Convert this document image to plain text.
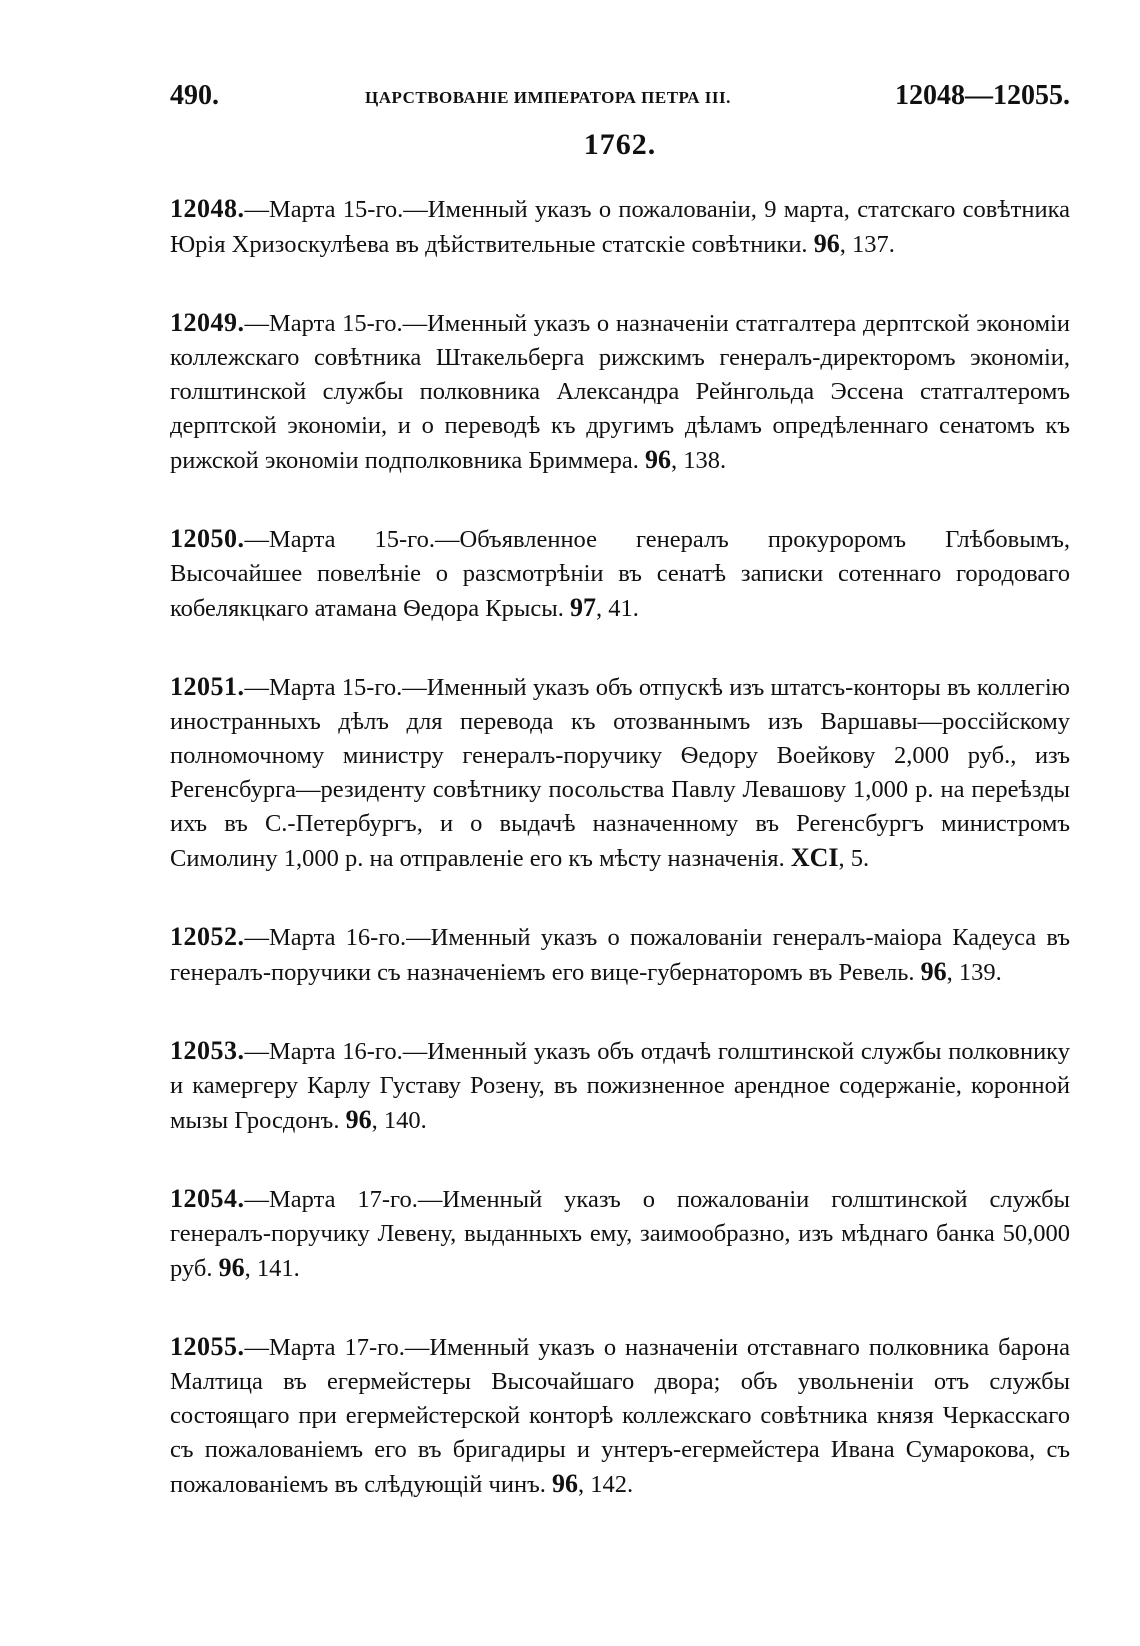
490.	ЦАРСТВОВАНІЕ ИМПЕРАТОРА ПЕТРА III.	12048—12055.
1762.

12048.—Марта 15-го.—Именный указъ о пожалованіи, 9 марта, статскаго совѣтника Юрія Хризоскулѣева въ дѣйствительные статскіе совѣтники. 96, 137.

12049.—Марта 15-го.—Именный указъ о назначеніи статгалтера дерптской экономіи коллежскаго совѣтника Штакельберга рижскимъ генералъ-директоромъ экономіи, голштинской службы полковника Александра Рейнгольда Эссена статгалтеромъ дерптской экономіи, и о переводѣ къ другимъ дѣламъ опредѣленнаго сенатомъ къ рижской экономіи подполковника Бриммера. 96, 138.

12050.—Марта 15-го.—Объявленное генералъ прокуроромъ Глѣбовымъ, Высочайшее повелѣніе о разсмотрѣніи въ сенатѣ записки сотеннаго городоваго кобелякцкаго атамана Ѳедора Крысы. 97, 41.

12051.—Марта 15-го.—Именный указъ объ отпускѣ изъ штатсъ-конторы въ коллегію иностранныхъ дѣлъ для перевода къ отозваннымъ изъ Варшавы—россійскому полномочному министру генералъ-поручику Ѳедору Воейкову 2,000 руб., изъ Регенсбурга—резиденту совѣтнику посольства Павлу Левашову 1,000 р. на переѣзды ихъ въ С.-Петербургъ, и о выдачѣ назначенному въ Регенсбургъ министромъ Симолину 1,000 р. на отправленіе его къ мѣсту назначенія. XCI, 5.

12052.—Марта 16-го.—Именный указъ о пожалованіи генералъ-маіора Кадеуса въ генералъ-поручики съ назначеніемъ его вице-губернаторомъ въ Ревель. 96, 139.

12053.—Марта 16-го.—Именный указъ объ отдачѣ голштинской службы полковнику и камергеру Карлу Густаву Розену, въ пожизненное арендное содержаніе, коронной мызы Гросдонъ. 96, 140.

12054.—Марта 17-го.—Именный указъ о пожалованіи голштинской службы генералъ-поручику Левену, выданныхъ ему, заимообразно, изъ мѣднаго банка 50,000 руб. 96, 141.

12055.—Марта 17-го.—Именный указъ о назначеніи отставнаго полковника барона Малтица въ егермейстеры Высочайшаго двора; объ увольненіи отъ службы состоящаго при егермейстерской конторѣ коллежскаго совѣтника князя Черкасскаго съ пожалованіемъ его въ бригадиры и унтеръ-егермейстера Ивана Сумарокова, съ пожалованіемъ въ слѣдующій чинъ. 96, 142.
